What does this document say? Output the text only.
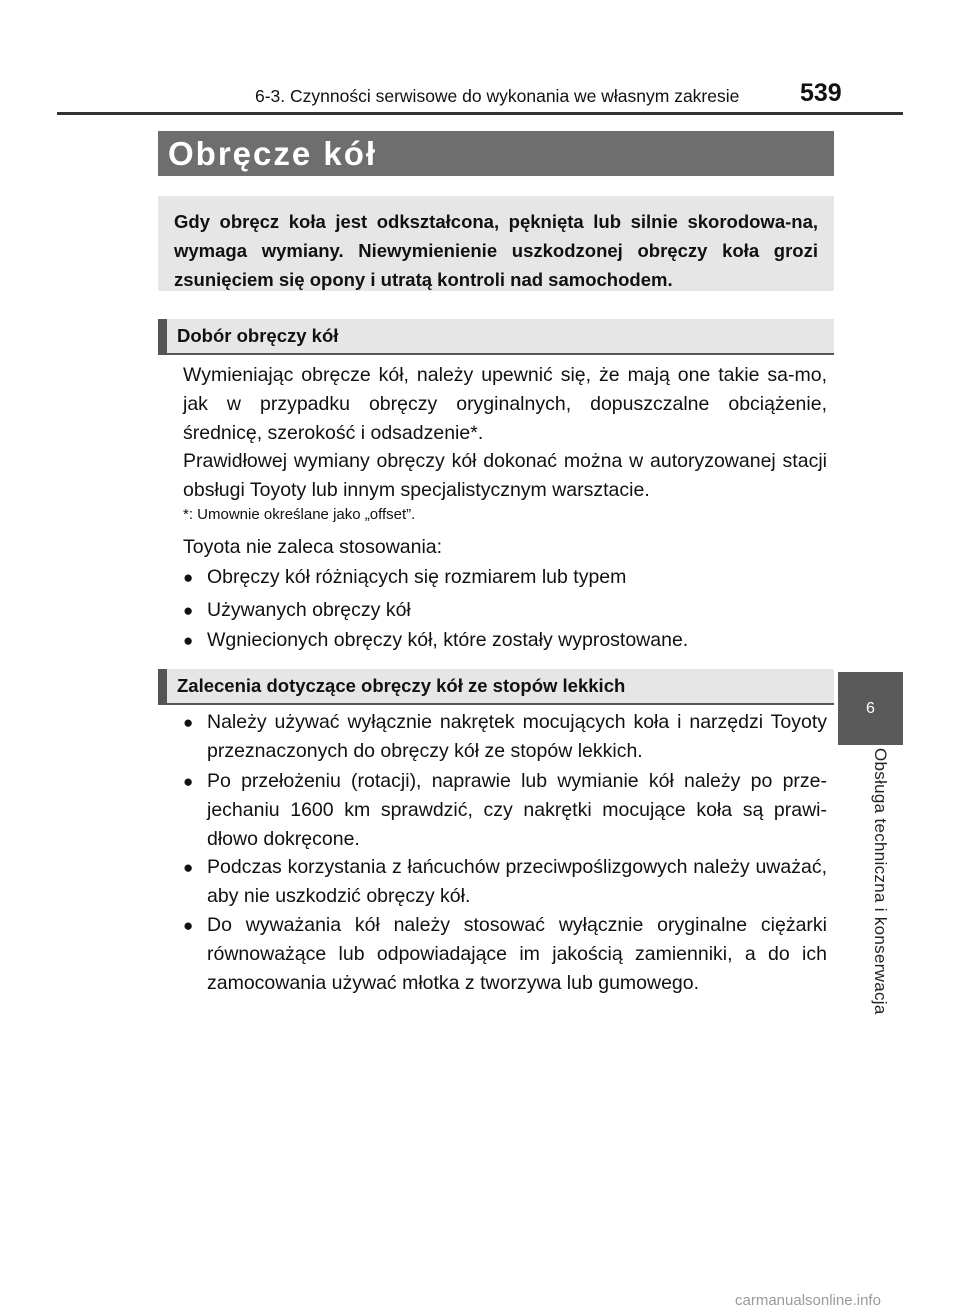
6-3. Czynności serwisowe do wykonania we własnym zakresie 539
6
Obsługa techniczna i konserwacja
Obręcze kół
Gdy obręcz koła jest odkształcona, pęknięta lub silnie skorodowa-na, wymaga wymiany. Niewymienienie uszkodzonej obręczy koła grozi zsunięciem się opony i utratą kontroli nad samochodem.
Dobór obręczy kół

Wymieniając obręcze kół, należy upewnić się, że mają one takie sa-mo, jak w przypadku obręczy oryginalnych, dopuszczalne obciążenie, średnicę, szerokość i odsadzenie*.

Prawidłowej wymiany obręczy kół dokonać można w autoryzowanej stacji obsługi Toyoty lub innym specjalistycznym warsztacie.

*: Umownie określane jako „offset”.

Toyota nie zaleca stosowania:

● Obręczy kół różniących się rozmiarem lub typem
● Używanych obręczy kół
● Wgniecionych obręczy kół, które zostały wyprostowane.
Zalecenia dotyczące obręczy kół ze stopów lekkich
● Należy używać wyłącznie nakrętek mocujących koła i narzędzi Toyoty przeznaczonych do obręczy kół ze stopów lekkich.
● Po przełożeniu (rotacji), naprawie lub wymianie kół należy po prze-jechaniu 1600 km sprawdzić, czy nakrętki mocujące koła są prawi-dłowo dokręcone.
● Podczas korzystania z łańcuchów przeciwpoślizgowych należy uważać, aby nie uszkodzić obręczy kół.
● Do wyważania kół należy stosować wyłącznie oryginalne ciężarki równoważące lub odpowiadające im jakością zamienniki, a do ich zamocowania używać młotka z tworzywa lub gumowego.
carmanualsonline.info
